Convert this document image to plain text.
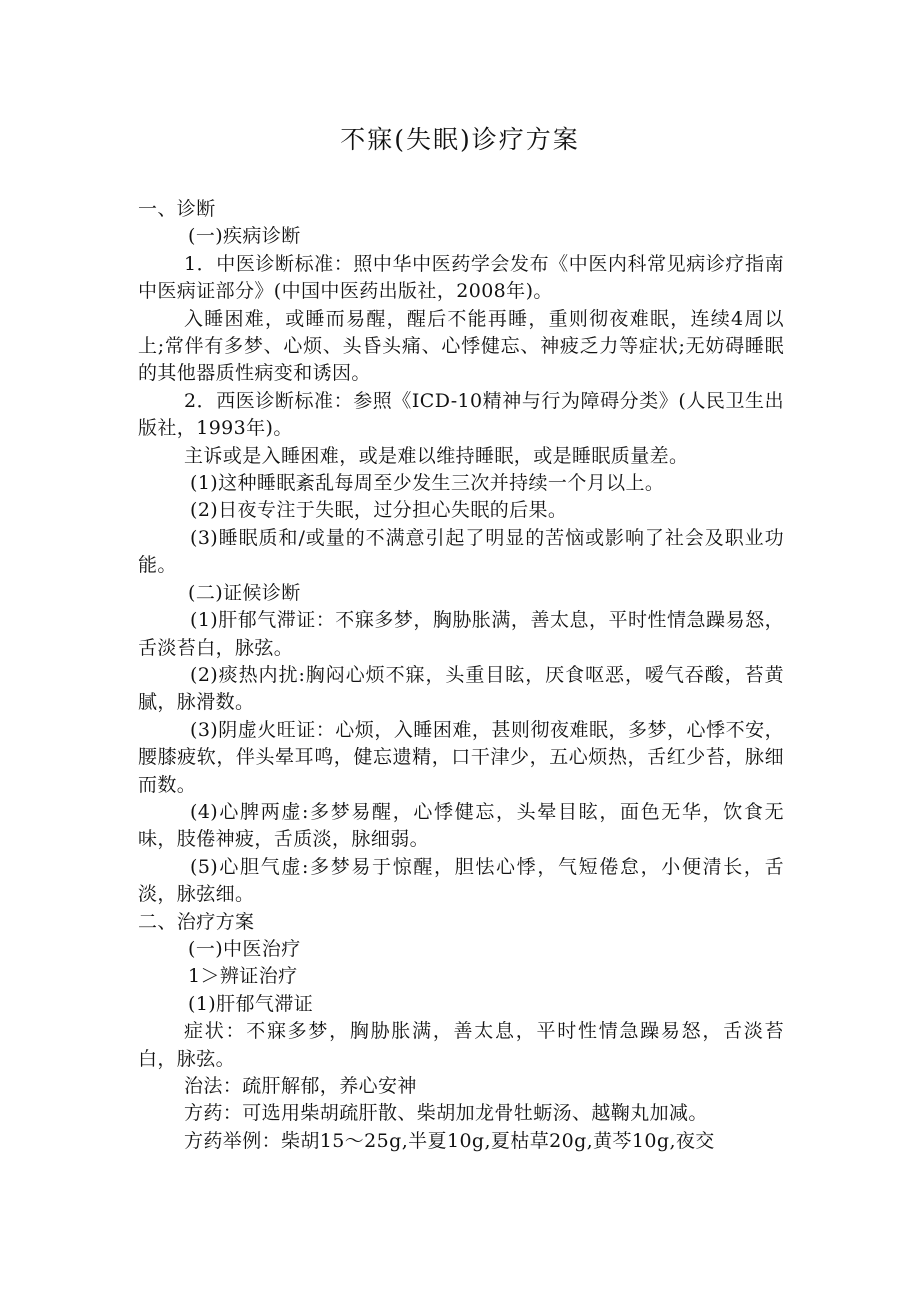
不寐(失眠)诊疗方案

一、诊断

(一)疾病诊断

1．中医诊断标准：照中华中医药学会发布《中医内科常见病诊疗指南中医病证部分》(中国中医药出版社，2008年)。

入睡困难，或睡而易醒，醒后不能再睡，重则彻夜难眠，连续4周以上;常伴有多梦、心烦、头昏头痛、心悸健忘、神疲乏力等症状;无妨碍睡眠的其他器质性病变和诱因。

2．西医诊断标准：参照《ICD-10精神与行为障碍分类》(人民卫生出版社，1993年)。

主诉或是入睡困难，或是难以维持睡眠，或是睡眠质量差。

(1)这种睡眠紊乱每周至少发生三次并持续一个月以上。

(2)日夜专注于失眠，过分担心失眠的后果。

(3)睡眠质和/或量的不满意引起了明显的苦恼或影响了社会及职业功能。

(二)证候诊断

(1)肝郁气滞证：不寐多梦，胸胁胀满，善太息，平时性情急躁易怒，舌淡苔白，脉弦。

(2)痰热内扰:胸闷心烦不寐，头重目眩，厌食呕恶，嗳气吞酸，苔黄腻，脉滑数。

(3)阴虚火旺证：心烦，入睡困难，甚则彻夜难眠，多梦，心悸不安，腰膝疲软，伴头晕耳鸣，健忘遗精，口干津少，五心烦热，舌红少苔，脉细而数。

(4)心脾两虚:多梦易醒，心悸健忘，头晕目眩，面色无华，饮食无味，肢倦神疲，舌质淡，脉细弱。

(5)心胆气虚:多梦易于惊醒，胆怯心悸，气短倦怠，小便清长，舌淡，脉弦细。

二、治疗方案

(一)中医治疗

1＞辨证治疗

(1)肝郁气滞证

症状：不寐多梦，胸胁胀满，善太息，平时性情急躁易怒，舌淡苔白，脉弦。

治法：疏肝解郁，养心安神

方药：可选用柴胡疏肝散、柴胡加龙骨牡蛎汤、越鞠丸加减。

方药举例：柴胡15〜25g,半夏10g,夏枯草20g,黄芩10g,夜交
